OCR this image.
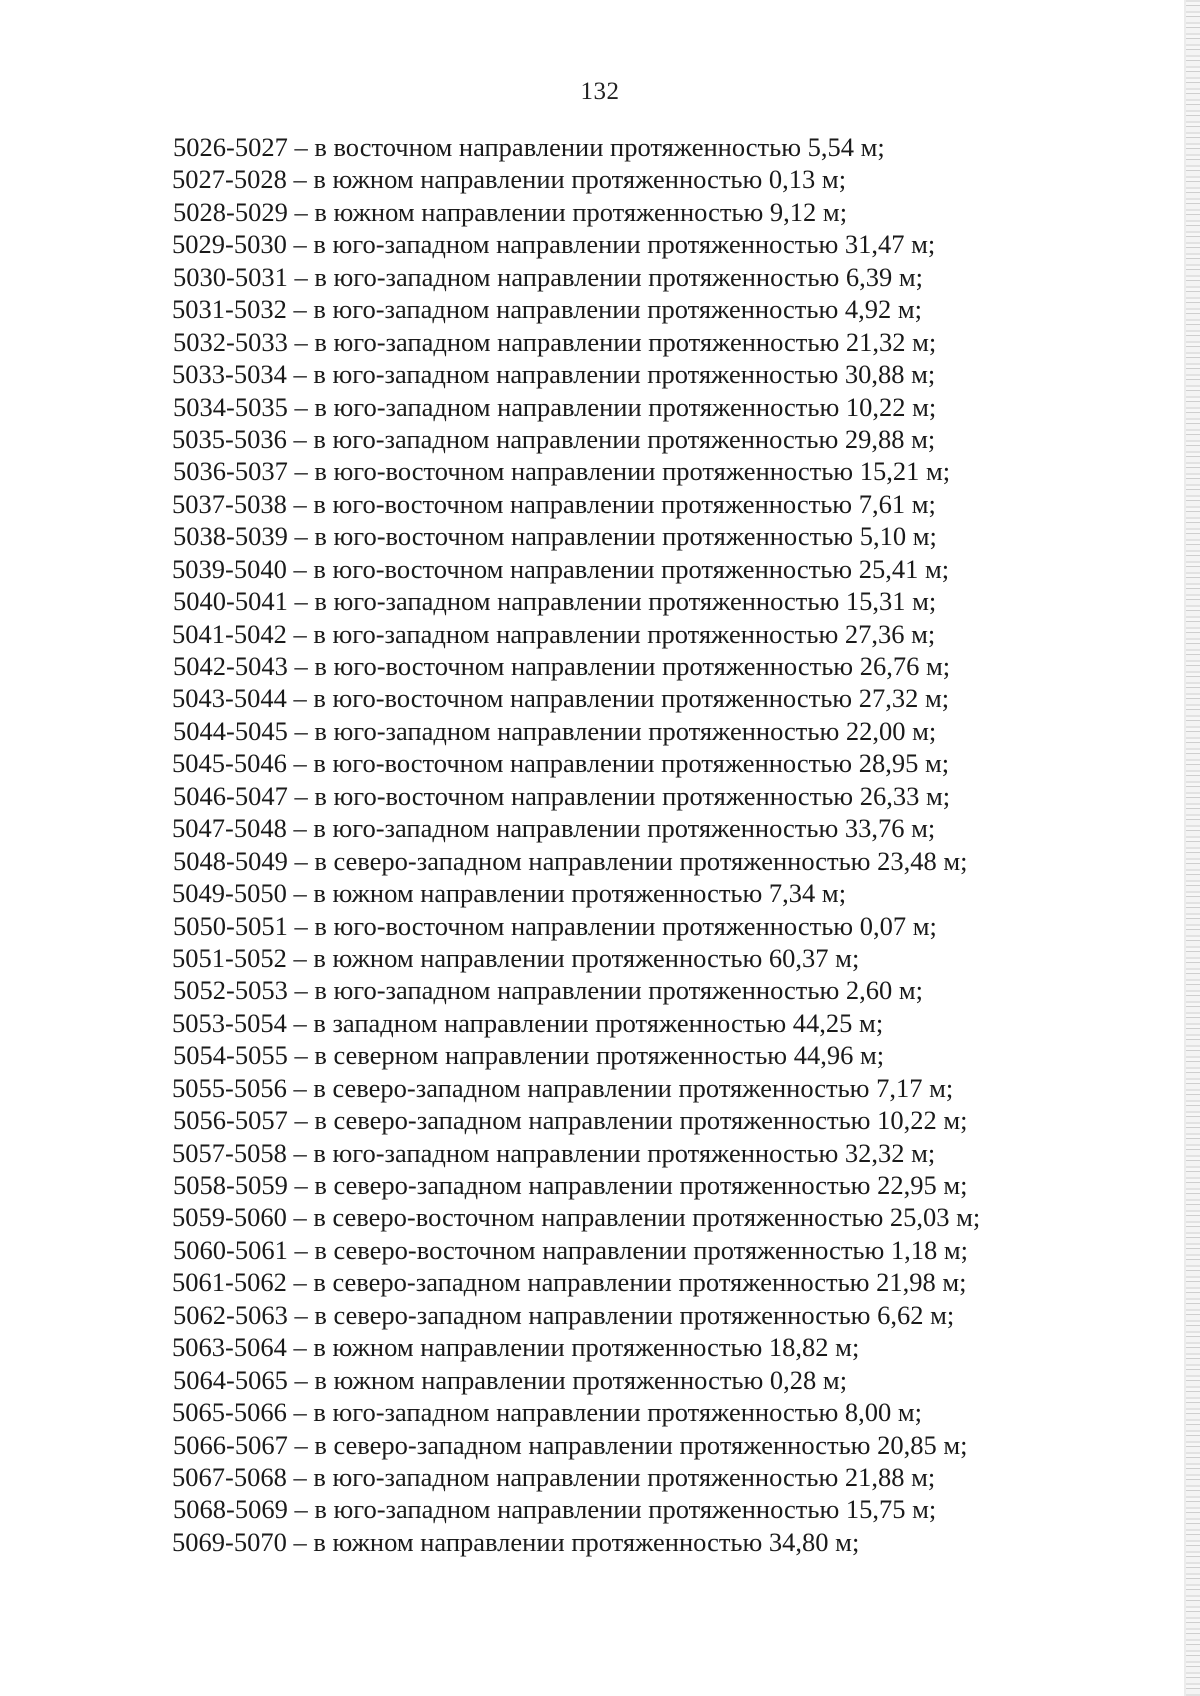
132
5026-5027 – в восточном направлении протяженностью 5,54 м;
5027-5028 – в южном направлении протяженностью 0,13 м;
5028-5029 – в южном направлении протяженностью 9,12 м;
5029-5030 – в юго-западном направлении протяженностью 31,47 м;
5030-5031 – в юго-западном направлении протяженностью 6,39 м;
5031-5032 – в юго-западном направлении протяженностью 4,92 м;
5032-5033 – в юго-западном направлении протяженностью 21,32 м;
5033-5034 – в юго-западном направлении протяженностью 30,88 м;
5034-5035 – в юго-западном направлении протяженностью 10,22 м;
5035-5036 – в юго-западном направлении протяженностью 29,88 м;
5036-5037 – в юго-восточном направлении протяженностью 15,21 м;
5037-5038 – в юго-восточном направлении протяженностью 7,61 м;
5038-5039 – в юго-восточном направлении протяженностью 5,10 м;
5039-5040 – в юго-восточном направлении протяженностью 25,41 м;
5040-5041 – в юго-западном направлении протяженностью 15,31 м;
5041-5042 – в юго-западном направлении протяженностью 27,36 м;
5042-5043 – в юго-восточном направлении протяженностью 26,76 м;
5043-5044 – в юго-восточном направлении протяженностью 27,32 м;
5044-5045 – в юго-западном направлении протяженностью 22,00 м;
5045-5046 – в юго-восточном направлении протяженностью 28,95 м;
5046-5047 – в юго-восточном направлении протяженностью 26,33 м;
5047-5048 – в юго-западном направлении протяженностью 33,76 м;
5048-5049 – в северо-западном направлении протяженностью 23,48 м;
5049-5050 – в южном направлении протяженностью 7,34 м;
5050-5051 – в юго-восточном направлении протяженностью 0,07 м;
5051-5052 – в южном направлении протяженностью 60,37 м;
5052-5053 – в юго-западном направлении протяженностью 2,60 м;
5053-5054 – в западном направлении протяженностью 44,25 м;
5054-5055 – в северном направлении протяженностью 44,96 м;
5055-5056 – в северо-западном направлении протяженностью 7,17 м;
5056-5057 – в северо-западном направлении протяженностью 10,22 м;
5057-5058 – в юго-западном направлении протяженностью 32,32 м;
5058-5059 – в северо-западном направлении протяженностью 22,95 м;
5059-5060 – в северо-восточном направлении протяженностью 25,03 м;
5060-5061 – в северо-восточном направлении протяженностью 1,18 м;
5061-5062 – в северо-западном направлении протяженностью 21,98 м;
5062-5063 – в северо-западном направлении протяженностью 6,62 м;
5063-5064 – в южном направлении протяженностью 18,82 м;
5064-5065 – в южном направлении протяженностью 0,28 м;
5065-5066 – в юго-западном направлении протяженностью 8,00 м;
5066-5067 – в северо-западном направлении протяженностью 20,85 м;
5067-5068 – в юго-западном направлении протяженностью 21,88 м;
5068-5069 – в юго-западном направлении протяженностью 15,75 м;
5069-5070 – в южном направлении протяженностью 34,80 м;
